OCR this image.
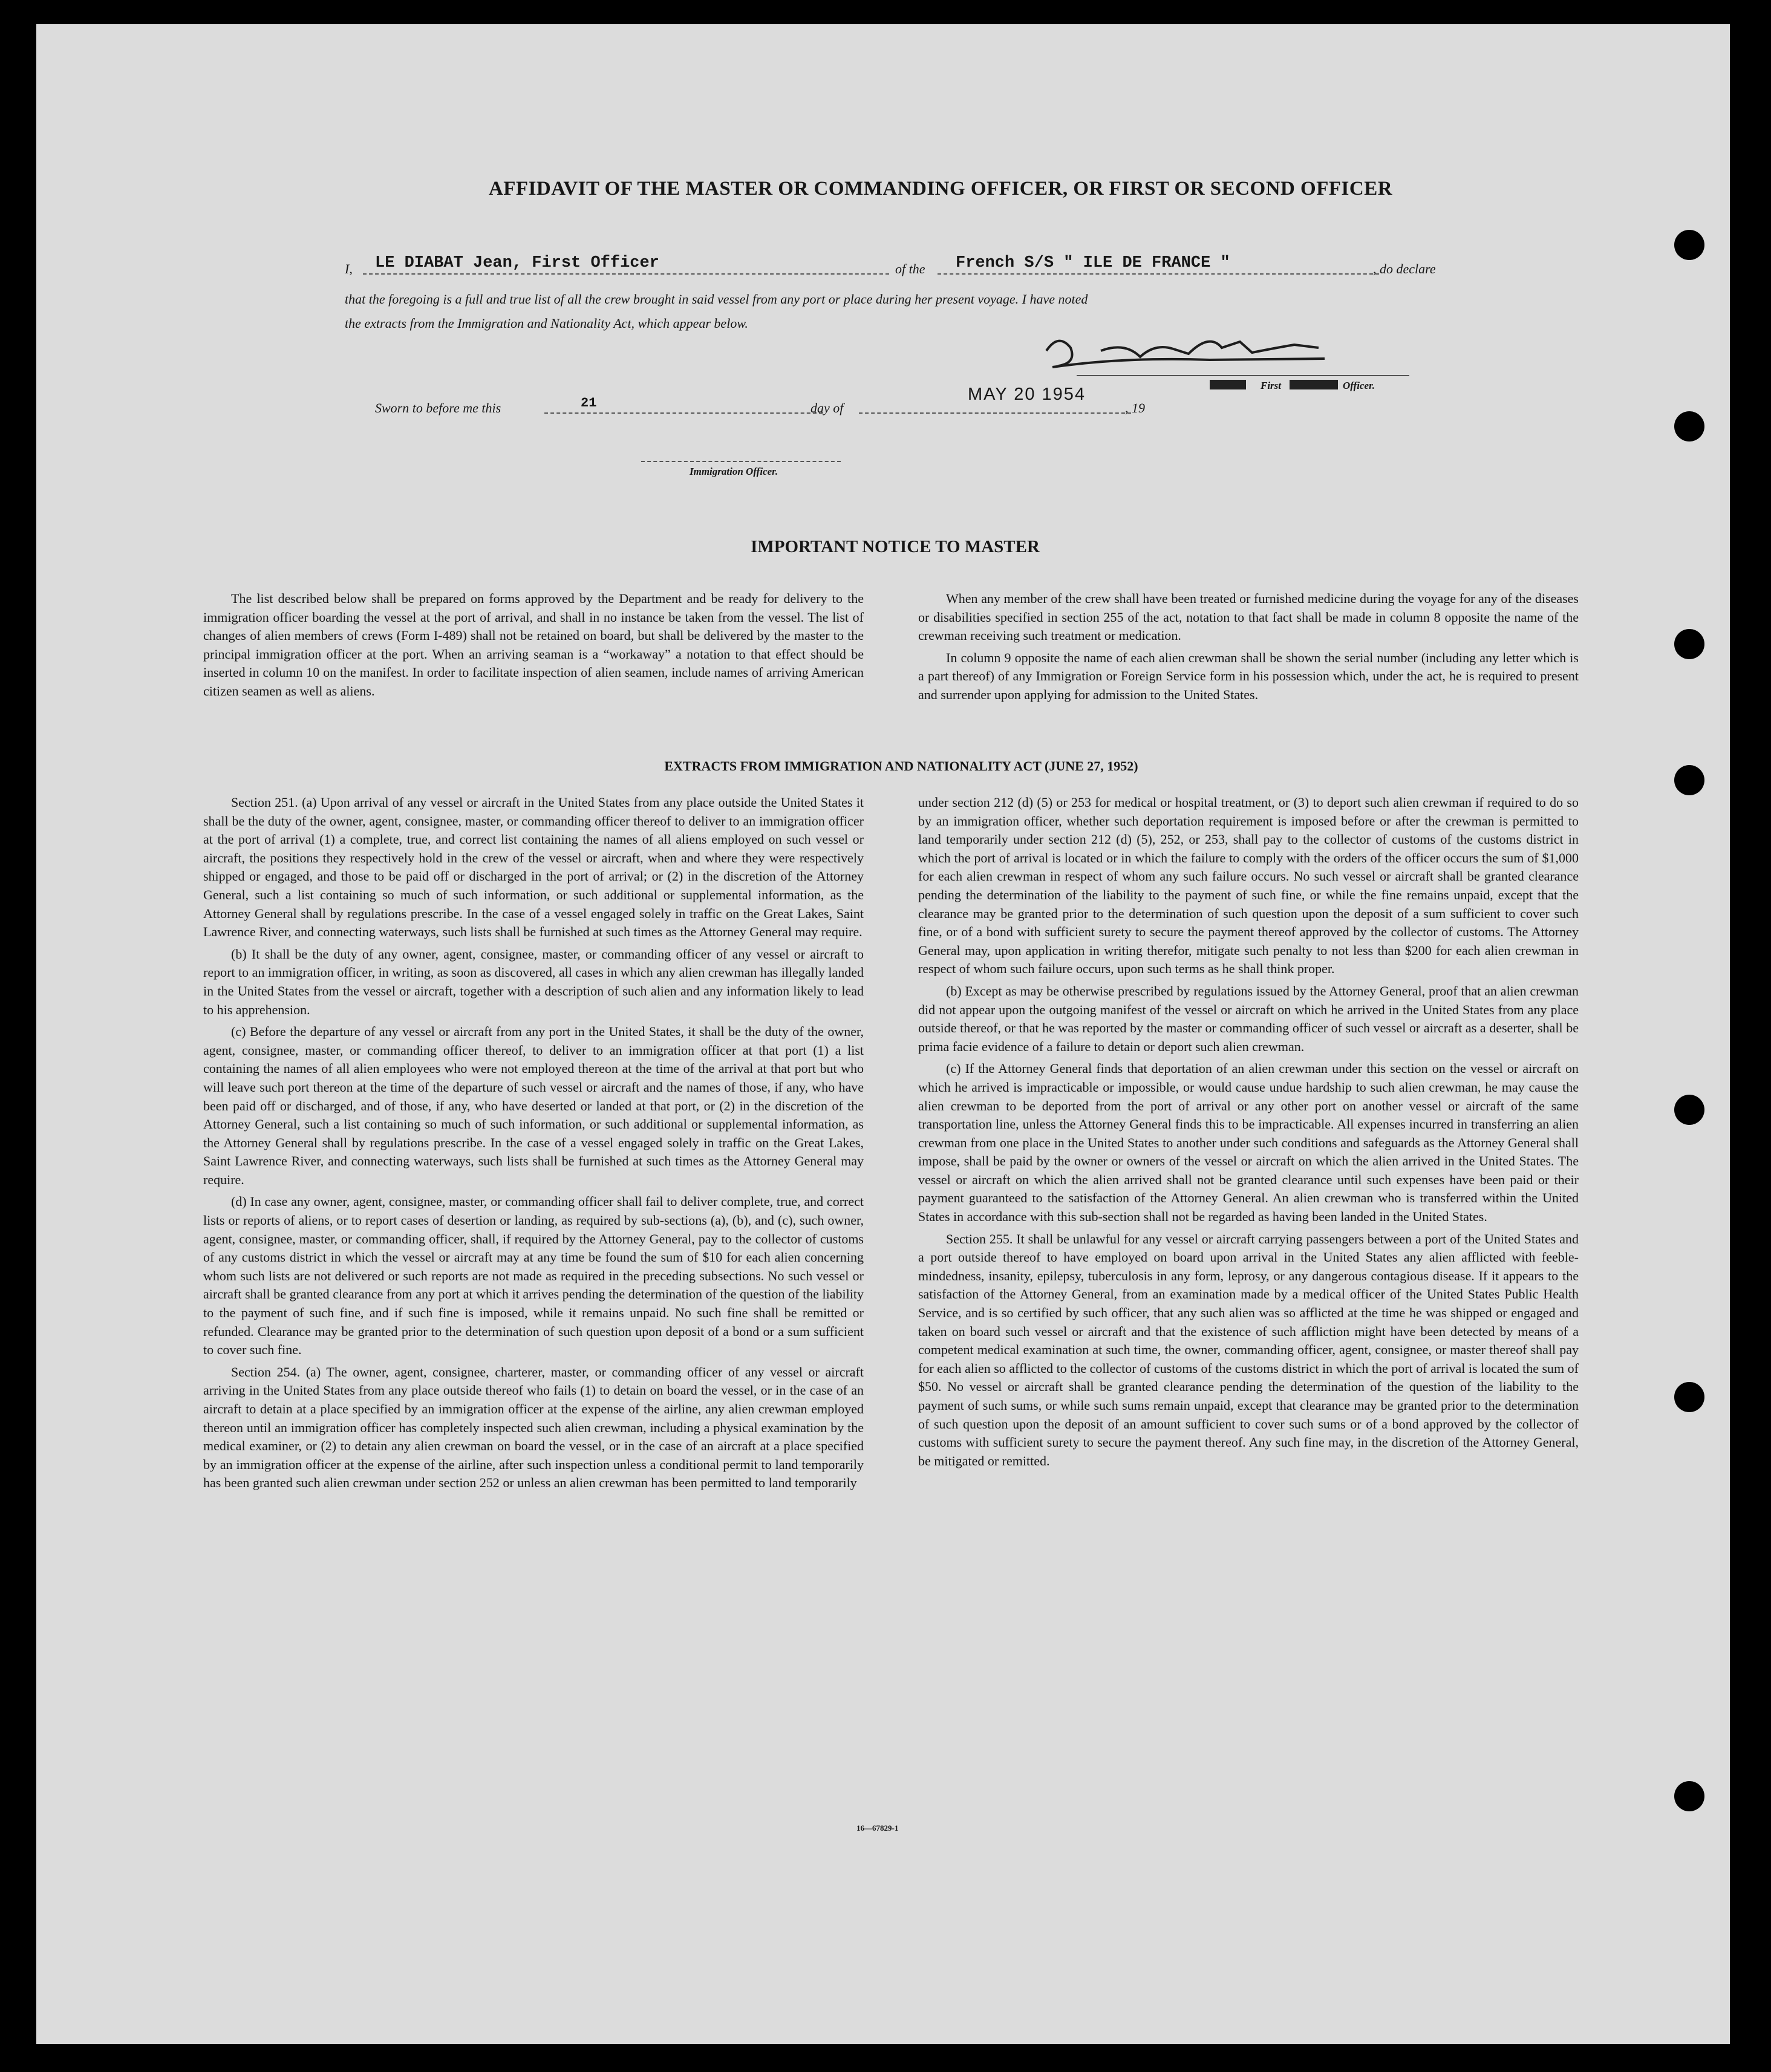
AFFIDAVIT OF THE MASTER OR COMMANDING OFFICER, OR FIRST OR SECOND OFFICER
I, LE DIABAT Jean, First Officer	of the French S/S " ILE DE FRANCE "	, do declare
that the foregoing is a full and true list of all the crew brought in said vessel from any port or place during her present voyage. I have noted
the extracts from the Immigration and Nationality Act, which appear below.
First	Officer.
Sworn to before me this	21	day of
MAY 20 1954
, 19
Immigration Officer.
IMPORTANT NOTICE TO MASTER

The list described below shall be prepared on forms approved by the Department and be ready for delivery to the immigration officer boarding the vessel at the port of arrival, and shall in no instance be taken from the vessel. The list of changes of alien members of crews (Form I-489) shall not be retained on board, but shall be delivered by the master to the principal immigration officer at the port. When an arriving seaman is a “workaway” a notation to that effect should be inserted in column 10 on the manifest. In order to facilitate inspection of alien seamen, include names of arriving American citizen seamen as well as aliens.

When any member of the crew shall have been treated or furnished medicine during the voyage for any of the diseases or disabilities specified in section 255 of the act, notation to that fact shall be made in column 8 opposite the name of the crewman receiving such treatment or medication.

In column 9 opposite the name of each alien crewman shall be shown the serial number (including any letter which is a part thereof) of any Immigration or Foreign Service form in his possession which, under the act, he is required to present and surrender upon applying for admission to the United States.

EXTRACTS FROM IMMIGRATION AND NATIONALITY ACT (JUNE 27, 1952)

Section 251. (a) Upon arrival of any vessel or aircraft in the United States from any place outside the United States it shall be the duty of the owner, agent, consignee, master, or commanding officer thereof to deliver to an immigration officer at the port of arrival (1) a complete, true, and correct list containing the names of all aliens employed on such vessel or aircraft, the positions they respectively hold in the crew of the vessel or aircraft, when and where they were respectively shipped or engaged, and those to be paid off or discharged in the port of arrival; or (2) in the discretion of the Attorney General, such a list containing so much of such information, or such additional or supplemental information, as the Attorney General shall by regulations prescribe. In the case of a vessel engaged solely in traffic on the Great Lakes, Saint Lawrence River, and connecting waterways, such lists shall be furnished at such times as the Attorney General may require.

(b) It shall be the duty of any owner, agent, consignee, master, or commanding officer of any vessel or aircraft to report to an immigration officer, in writing, as soon as discovered, all cases in which any alien crewman has illegally landed in the United States from the vessel or aircraft, together with a description of such alien and any information likely to lead to his apprehension.

(c) Before the departure of any vessel or aircraft from any port in the United States, it shall be the duty of the owner, agent, consignee, master, or commanding officer thereof, to deliver to an immigration officer at that port (1) a list containing the names of all alien employees who were not employed thereon at the time of the arrival at that port but who will leave such port thereon at the time of the departure of such vessel or aircraft and the names of those, if any, who have been paid off or discharged, and of those, if any, who have deserted or landed at that port, or (2) in the discretion of the Attorney General, such a list containing so much of such information, or such additional or supplemental information, as the Attorney General shall by regulations prescribe. In the case of a vessel engaged solely in traffic on the Great Lakes, Saint Lawrence River, and connecting waterways, such lists shall be furnished at such times as the Attorney General may require.

(d) In case any owner, agent, consignee, master, or commanding officer shall fail to deliver complete, true, and correct lists or reports of aliens, or to report cases of desertion or landing, as required by sub-sections (a), (b), and (c), such owner, agent, consignee, master, or commanding officer, shall, if required by the Attorney General, pay to the collector of customs of any customs district in which the vessel or aircraft may at any time be found the sum of $10 for each alien concerning whom such lists are not delivered or such reports are not made as required in the preceding subsections. No such vessel or aircraft shall be granted clearance from any port at which it arrives pending the determination of the question of the liability to the payment of such fine, and if such fine is imposed, while it remains unpaid. No such fine shall be remitted or refunded. Clearance may be granted prior to the determination of such question upon deposit of a bond or a sum sufficient to cover such fine.

Section 254. (a) The owner, agent, consignee, charterer, master, or commanding officer of any vessel or aircraft arriving in the United States from any place outside thereof who fails (1) to detain on board the vessel, or in the case of an aircraft to detain at a place specified by an immigration officer at the expense of the airline, any alien crewman employed thereon until an immigration officer has completely inspected such alien crewman, including a physical examination by the medical examiner, or (2) to detain any alien crewman on board the vessel, or in the case of an aircraft at a place specified by an immigration officer at the expense of the airline, after such inspection unless a conditional permit to land temporarily has been granted such alien crewman under section 252 or unless an alien crewman has been permitted to land temporarily

under section 212 (d) (5) or 253 for medical or hospital treatment, or (3) to deport such alien crewman if required to do so by an immigration officer, whether such deportation requirement is imposed before or after the crewman is permitted to land temporarily under section 212 (d) (5), 252, or 253, shall pay to the collector of customs of the customs district in which the port of arrival is located or in which the failure to comply with the orders of the officer occurs the sum of $1,000 for each alien crewman in respect of whom any such failure occurs. No such vessel or aircraft shall be granted clearance pending the determination of the liability to the payment of such fine, or while the fine remains unpaid, except that the clearance may be granted prior to the determination of such question upon the deposit of a sum sufficient to cover such fine, or of a bond with sufficient surety to secure the payment thereof approved by the collector of customs. The Attorney General may, upon application in writing therefor, mitigate such penalty to not less than $200 for each alien crewman in respect of whom such failure occurs, upon such terms as he shall think proper.

(b) Except as may be otherwise prescribed by regulations issued by the Attorney General, proof that an alien crewman did not appear upon the outgoing manifest of the vessel or aircraft on which he arrived in the United States from any place outside thereof, or that he was reported by the master or commanding officer of such vessel or aircraft as a deserter, shall be prima facie evidence of a failure to detain or deport such alien crewman.

(c) If the Attorney General finds that deportation of an alien crewman under this section on the vessel or aircraft on which he arrived is impracticable or impossible, or would cause undue hardship to such alien crewman, he may cause the alien crewman to be deported from the port of arrival or any other port on another vessel or aircraft of the same transportation line, unless the Attorney General finds this to be impracticable. All expenses incurred in transferring an alien crewman from one place in the United States to another under such conditions and safeguards as the Attorney General shall impose, shall be paid by the owner or owners of the vessel or aircraft on which the alien arrived in the United States. The vessel or aircraft on which the alien arrived shall not be granted clearance until such expenses have been paid or their payment guaranteed to the satisfaction of the Attorney General. An alien crewman who is transferred within the United States in accordance with this sub-section shall not be regarded as having been landed in the United States.

Section 255. It shall be unlawful for any vessel or aircraft carrying passengers between a port of the United States and a port outside thereof to have employed on board upon arrival in the United States any alien afflicted with feeble-mindedness, insanity, epilepsy, tuberculosis in any form, leprosy, or any dangerous contagious disease. If it appears to the satisfaction of the Attorney General, from an examination made by a medical officer of the United States Public Health Service, and is so certified by such officer, that any such alien was so afflicted at the time he was shipped or engaged and taken on board such vessel or aircraft and that the existence of such affliction might have been detected by means of a competent medical examination at such time, the owner, commanding officer, agent, consignee, or master thereof shall pay for each alien so afflicted to the collector of customs of the customs district in which the port of arrival is located the sum of $50. No vessel or aircraft shall be granted clearance pending the determination of the question of the liability to the payment of such sums, or while such sums remain unpaid, except that clearance may be granted prior to the determination of such question upon the deposit of an amount sufficient to cover such sums or of a bond approved by the collector of customs with sufficient surety to secure the payment thereof. Any such fine may, in the discretion of the Attorney General, be mitigated or remitted.

16—67829-1
